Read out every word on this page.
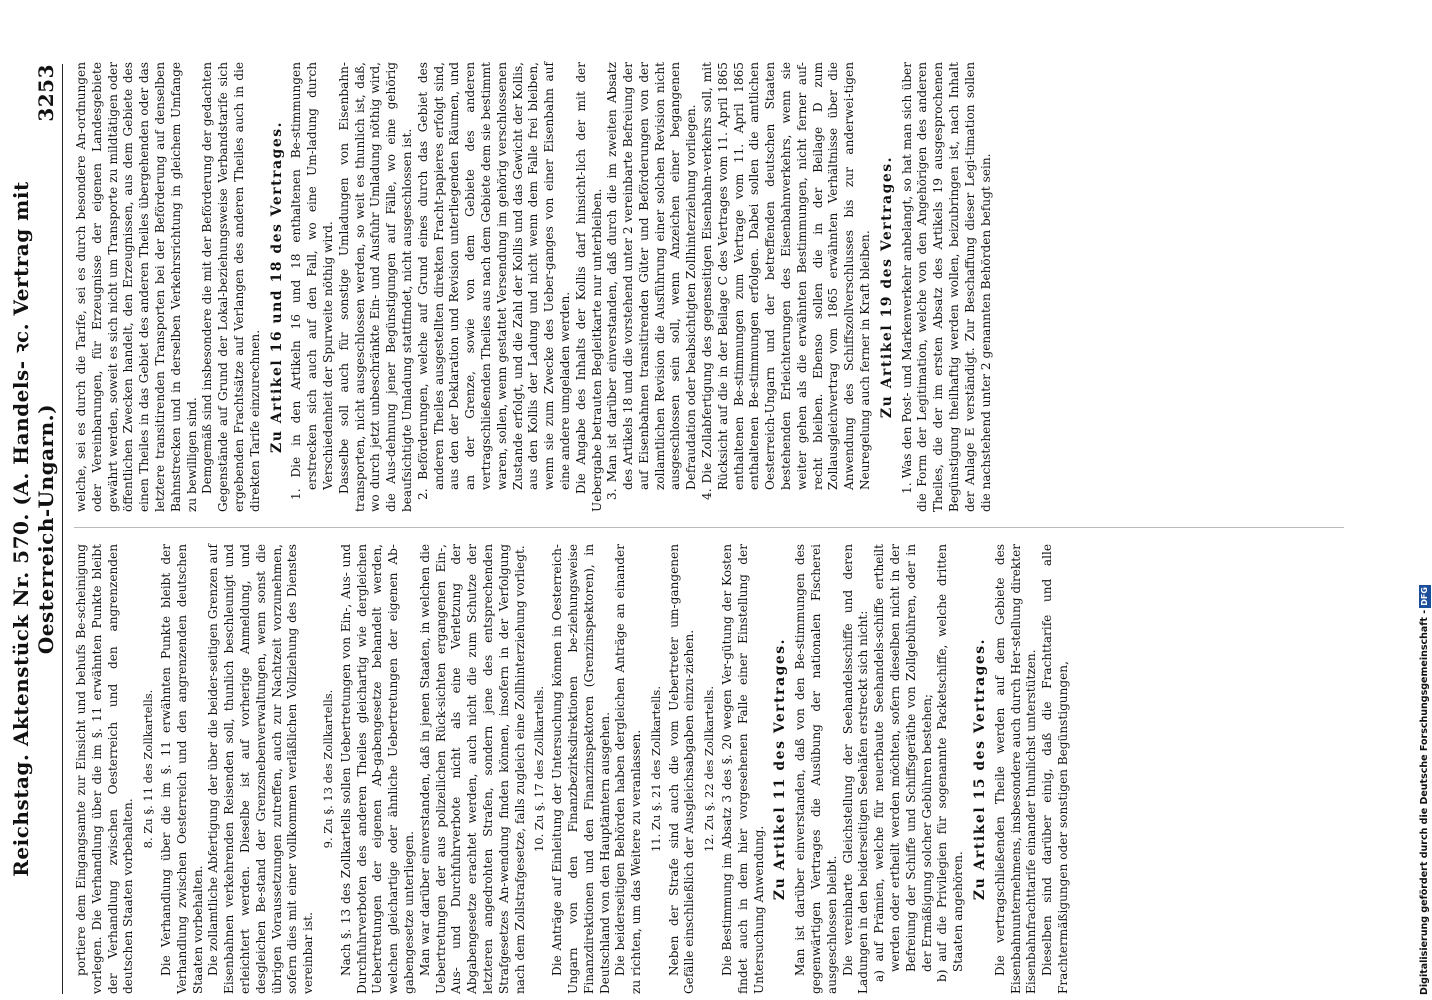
Reichstag. Aktenstück Nr. 570. (A. Handels- ꝛc. Vertrag mit Oesterreich-Ungarn.)
3253

portiere dem Eingangsamte zur Einsicht und behufs Be-scheinigung vorlegen. Die Verhandlung über die im §. 11 erwähnten Punkte bleibt der Verhandlung zwischen Oesterreich und den angrenzenden deutschen Staaten vorbehalten.

8. Zu §. 11 des Zollkartells. Die Verhandlung über die im §. 11 erwähnten Punkte bleibt der Verhandlung zwischen Oesterreich und den angrenzenden deutschen Staaten vorbehalten. Die zollamtliche Abfertigung der über die beider-seitigen Grenzen auf Eisenbahnen verkehrenden Reisenden soll, thunlich beschleunigt und erleichtert werden. Dieselbe ist auf vorherige Anmeldung, und desgleichen Be-stand der Grenzsnebenverwaltungen, wenn sonst die übrigen Voraussetzungen zutreffen, auch zur Nachtzeit vorzunehmen, sofern dies mit einer vollkommen verläßlichen Vollziehung des Dienstes vereinbar ist.

9. Zu §. 13 des Zollkartells. Nach §. 13 des Zollkartells sollen Uebertretungen von Ein-, Aus- und Durchfuhrverboten des anderen Theiles gleichartig wie dergleichen Uebertretungen der eigenen Ab-gabengesetze behandelt werden, welchen gleichartige oder ähnliche Uebertretungen der eigenen Ab-gabengesetze unterliegen. Man war darüber einverstanden, daß in jenen Staaten, in welchen die Uebertretungen der aus polizeilichen Rück-sichten ergangenen Ein-, Aus- und Durchfuhrverbote nicht als eine Verletzung der Abgabengesetze erachtet werden, auch nicht die zum Schutze der letzteren angedrohten Strafen, sondern jene des entsprechenden Strafgesetzes An-wendung finden können, insofern in der Verfolgung nach dem Zollstrafgesetze, falls zugleich eine Zollhinterziehung vorliegt. 10. Zu §. 17 des Zollkartells. Die Anträge auf Einleitung der Untersuchung können in Oesterreich-Ungarn von den Finanzbezirksdirektionen be-ziehungsweise Finanzdirektionen und den Finanzinspektoren (Grenzinspektoren), in Deutschland von den Hauptämtern ausgehen. Die beiderseitigen Behörden haben dergleichen Anträge an einander zu richten, um das Weitere zu veranlassen. 11. Zu §. 21 des Zollkartells. Neben der Strafe sind auch die vom Uebertreter um-gangenen Gefälle einschließlich der Ausgleichsabgaben einzu-ziehen. 12. Zu §. 22 des Zollkartells. Die Bestimmung im Absatz 3 des §. 20 wegen Ver-gütung der Kosten findet auch in dem hier vorgesehenen Falle einer Einstellung der Untersuchung Anwendung.

Zu Artikel 11 des Vertrages. Man ist darüber einverstanden, daß von den Be-stimmungen des gegenwärtigen Vertrages die Ausübung der nationalen Fischerei ausgeschlossen bleibt. Die vereinbarte Gleichstellung der Seehandelsschiffe und deren Ladungen in den beiderseitigen Seehäfen erstreckt sich nicht: a) auf Prämien, welche für neuerbaute Seehandels-schiffe ertheilt werden oder ertheilt werden möchten, sofern dieselben nicht in der Befreiung der Schiffe und Schiffsgeräthe von Zollgebühren, oder in der Ermäßigung solcher Gebühren bestehen; b) auf die Privilegien für sogenannte Packetschiffe, welche dritten Staaten angehören.

Zu Artikel 15 des Vertrages. Die vertragschließenden Theile werden auf dem Gebiete des Eisenbahnunternehmens, insbesondere auch durch Her-stellung direkter Eisenbahnfrachttarife einander thunlichst unterstützen. Dieselben sind darüber einig, daß die Frachttarife und alle Frachtermäßigungen oder sonstigen Begünstigungen,

welche, sei es durch die Tarife, sei es durch besondere An-ordnungen oder Vereinbarungen, für Erzeugnisse der eigenen Landesgebiete gewährt werden, soweit es sich nicht um Transporte zu mildtätigen oder öffentlichen Zwecken handelt, den Erzeugnissen, aus dem Gebiete des einen Theiles in das Gebiet des anderen Theiles übergehenden oder das letztere transitirenden Transporten bei der Beförderung auf denselben Bahnstrecken und in derselben Verkehrsrichtung in gleichem Umfange zu bewilligen sind. Demgemäß sind insbesondere die mit der Beförderung der gedachten Gegenstände auf Grund der Lokal-beziehungsweise Verbandstarife sich ergebenden Frachtsätze auf Verlangen des anderen Theiles auch in die direkten Tarife einzurechnen. Zu Artikel 16 und 18 des Vertrages. 1. Die in den Artikeln 16 und 18 enthaltenen Be-stimmungen erstrecken sich auch auf den Fall, wo eine Um-ladung durch Verschiedenheit der Spurweite nöthig wird. Dasselbe soll auch für sonstige Umladungen von Eisenbahn-transporten, nicht ausgeschlossen werden, so weit es thunlich ist, daß, wo durch jetzt unbeschränkte Ein- und Ausfuhr Umladung nöthig wird, die Aus-dehnung jener Begünstigungen auf Fälle, wo eine gehörig beaufsichtigte Umladung stattfindet, nicht ausgeschlossen ist. 2. Beförderungen, welche auf Grund eines durch das Gebiet des anderen Theiles ausgestellten direkten Fracht-papieres erfolgt sind, aus den der Deklaration und Revision unterliegenden Räumen, und an der Grenze, sowie von dem Gebiete des anderen vertragschließenden Theiles aus nach dem Gebiete dem sie bestimmt waren, sollen, wenn gestattet Versendung im gehörig verschlossenen Zustande erfolgt, und die Zahl der Kollis und das Gewicht der Kollis, aus den Kollis der Ladung und nicht wenn dem Falle frei bleiben, wenn sie zum Zwecke des Ueber-ganges von einer Eisenbahn auf eine andere umgeladen werden. Die Angabe des Inhalts der Kollis darf hinsicht-lich der mit der Uebergabe betrauten Begleitkarte nur unterbleiben. 3. Man ist darüber einverstanden, daß durch die im zweiten Absatz des Artikels 18 und die vorstehend unter 2 vereinbarte Befreiung der auf Eisenbahnen transitirenden Güter und Beförderungen von der zollamtlichen Revision die Ausführung einer solchen Revision nicht ausgeschlossen sein soll, wenn Anzeichen einer begangenen Defraudation oder beabsichtigten Zollhinterziehung vorliegen. 4. Die Zollabfertigung des gegenseitigen Eisenbahn-verkehrs soll, mit Rücksicht auf die in der Beilage C des Vertrages vom 11. April 1865 enthaltenen Be-stimmungen zum Vertrage vom 11. April 1865 enthaltenen Be-stimmungen erfolgen. Dabei sollen die amtlichen Oesterreich-Ungarn und der betreffenden deutschen Staaten bestehenden Erleichterungen des Eisenbahnverkehrs, wenn sie weiter gehen als die erwähnten Bestimmungen, nicht ferner auf-recht bleiben. Ebenso sollen die in der Beilage D zum Zollausgleichvertrag vom 1865 erwähnten Verhältnisse über die Anwendung des Schiffszollverschlusses bis zur anderwei-tigen Neuregelung auch ferner in Kraft bleiben. Zu Artikel 19 des Vertrages. 1. Was den Post- und Markenverkehr anbelangt, so hat man sich über die Form der Legitimation, welche von den Angehörigen des anderen Theiles, die der im ersten Absatz des Artikels 19 ausgesprochenen Begünstigung theilhaftig werden wollen, beizubringen ist, nach Inhalt der Anlage E verständigt. Zur Beschaffung dieser Legi-timation sollen die nachstehend unter 2 genannten Behörden befugt sein.

Digitalisierung gefördert durch die Deutsche Forschungsgemeinschaft -DFG
